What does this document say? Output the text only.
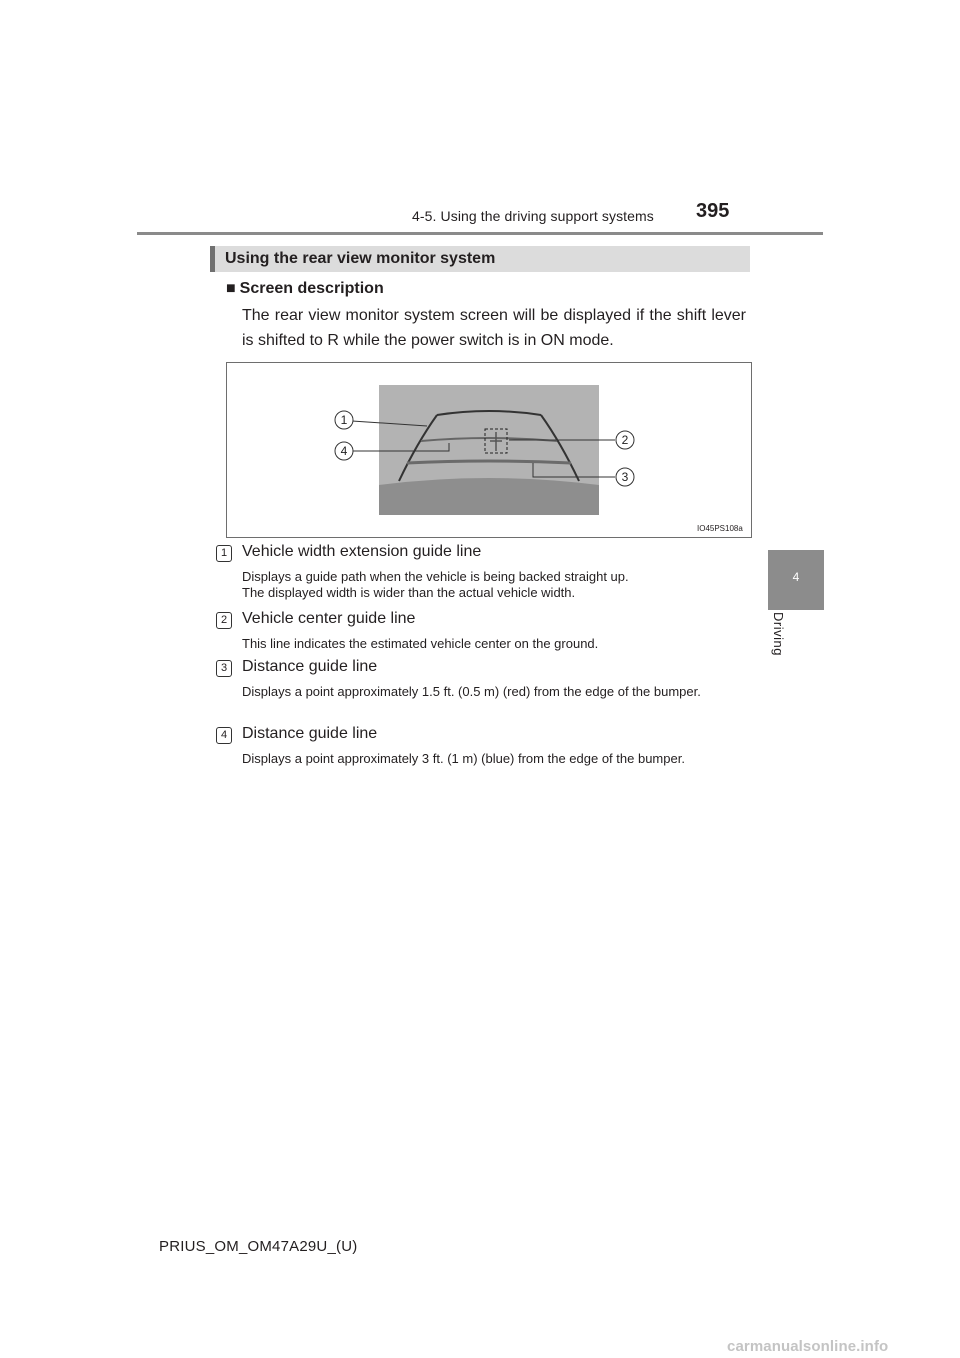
4-5. Using the driving support systems 395
4
Driving
Using the rear view monitor system
■ Screen description
The rear view monitor system screen will be displayed if the shift lever is shifted to R while the power switch is in ON mode.
1
2
3
4
IO45PS108a
1 Vehicle width extension guide line
Displays a guide path when the vehicle is being backed straight up.
The displayed width is wider than the actual vehicle width.
2 Vehicle center guide line
This line indicates the estimated vehicle center on the ground.
3 Distance guide line
Displays a point approximately 1.5 ft. (0.5 m) (red) from the edge of the bumper.
4 Distance guide line
Displays a point approximately 3 ft. (1 m) (blue) from the edge of the bumper.
PRIUS_OM_OM47A29U_(U)
carmanualsonline.info
